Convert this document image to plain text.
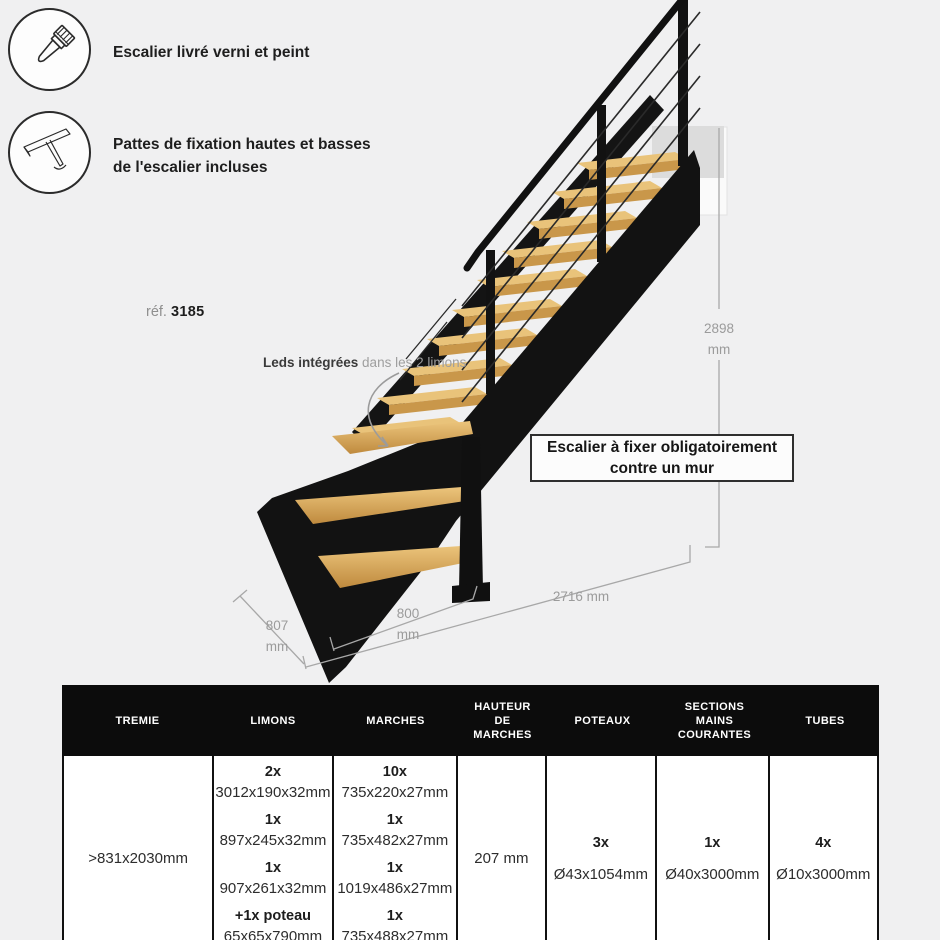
Escalier livré verni et peint
Pattes de fixation hautes et basses
de l'escalier incluses
réf. 3185
Leds intégrées dans les 2 limons
Escalier à fixer obligatoirement
contre un mur
2898
mm
2716 mm
800
mm
807
mm
TREMIE	LIMONS	MARCHES
HAUTEUR DE MARCHES
POTEAUX
SECTIONS MAINS COURANTES
TUBES
>831x2030mm
2x
3012x190x32mm
1x
897x245x32mm
1x
907x261x32mm
+1x poteau
65x65x790mm
10x
735x220x27mm
1x
735x482x27mm
1x
1019x486x27mm
1x
735x488x27mm
207 mm
3x
Ø43x1054mm
1x
Ø40x3000mm
4x
Ø10x3000mm
